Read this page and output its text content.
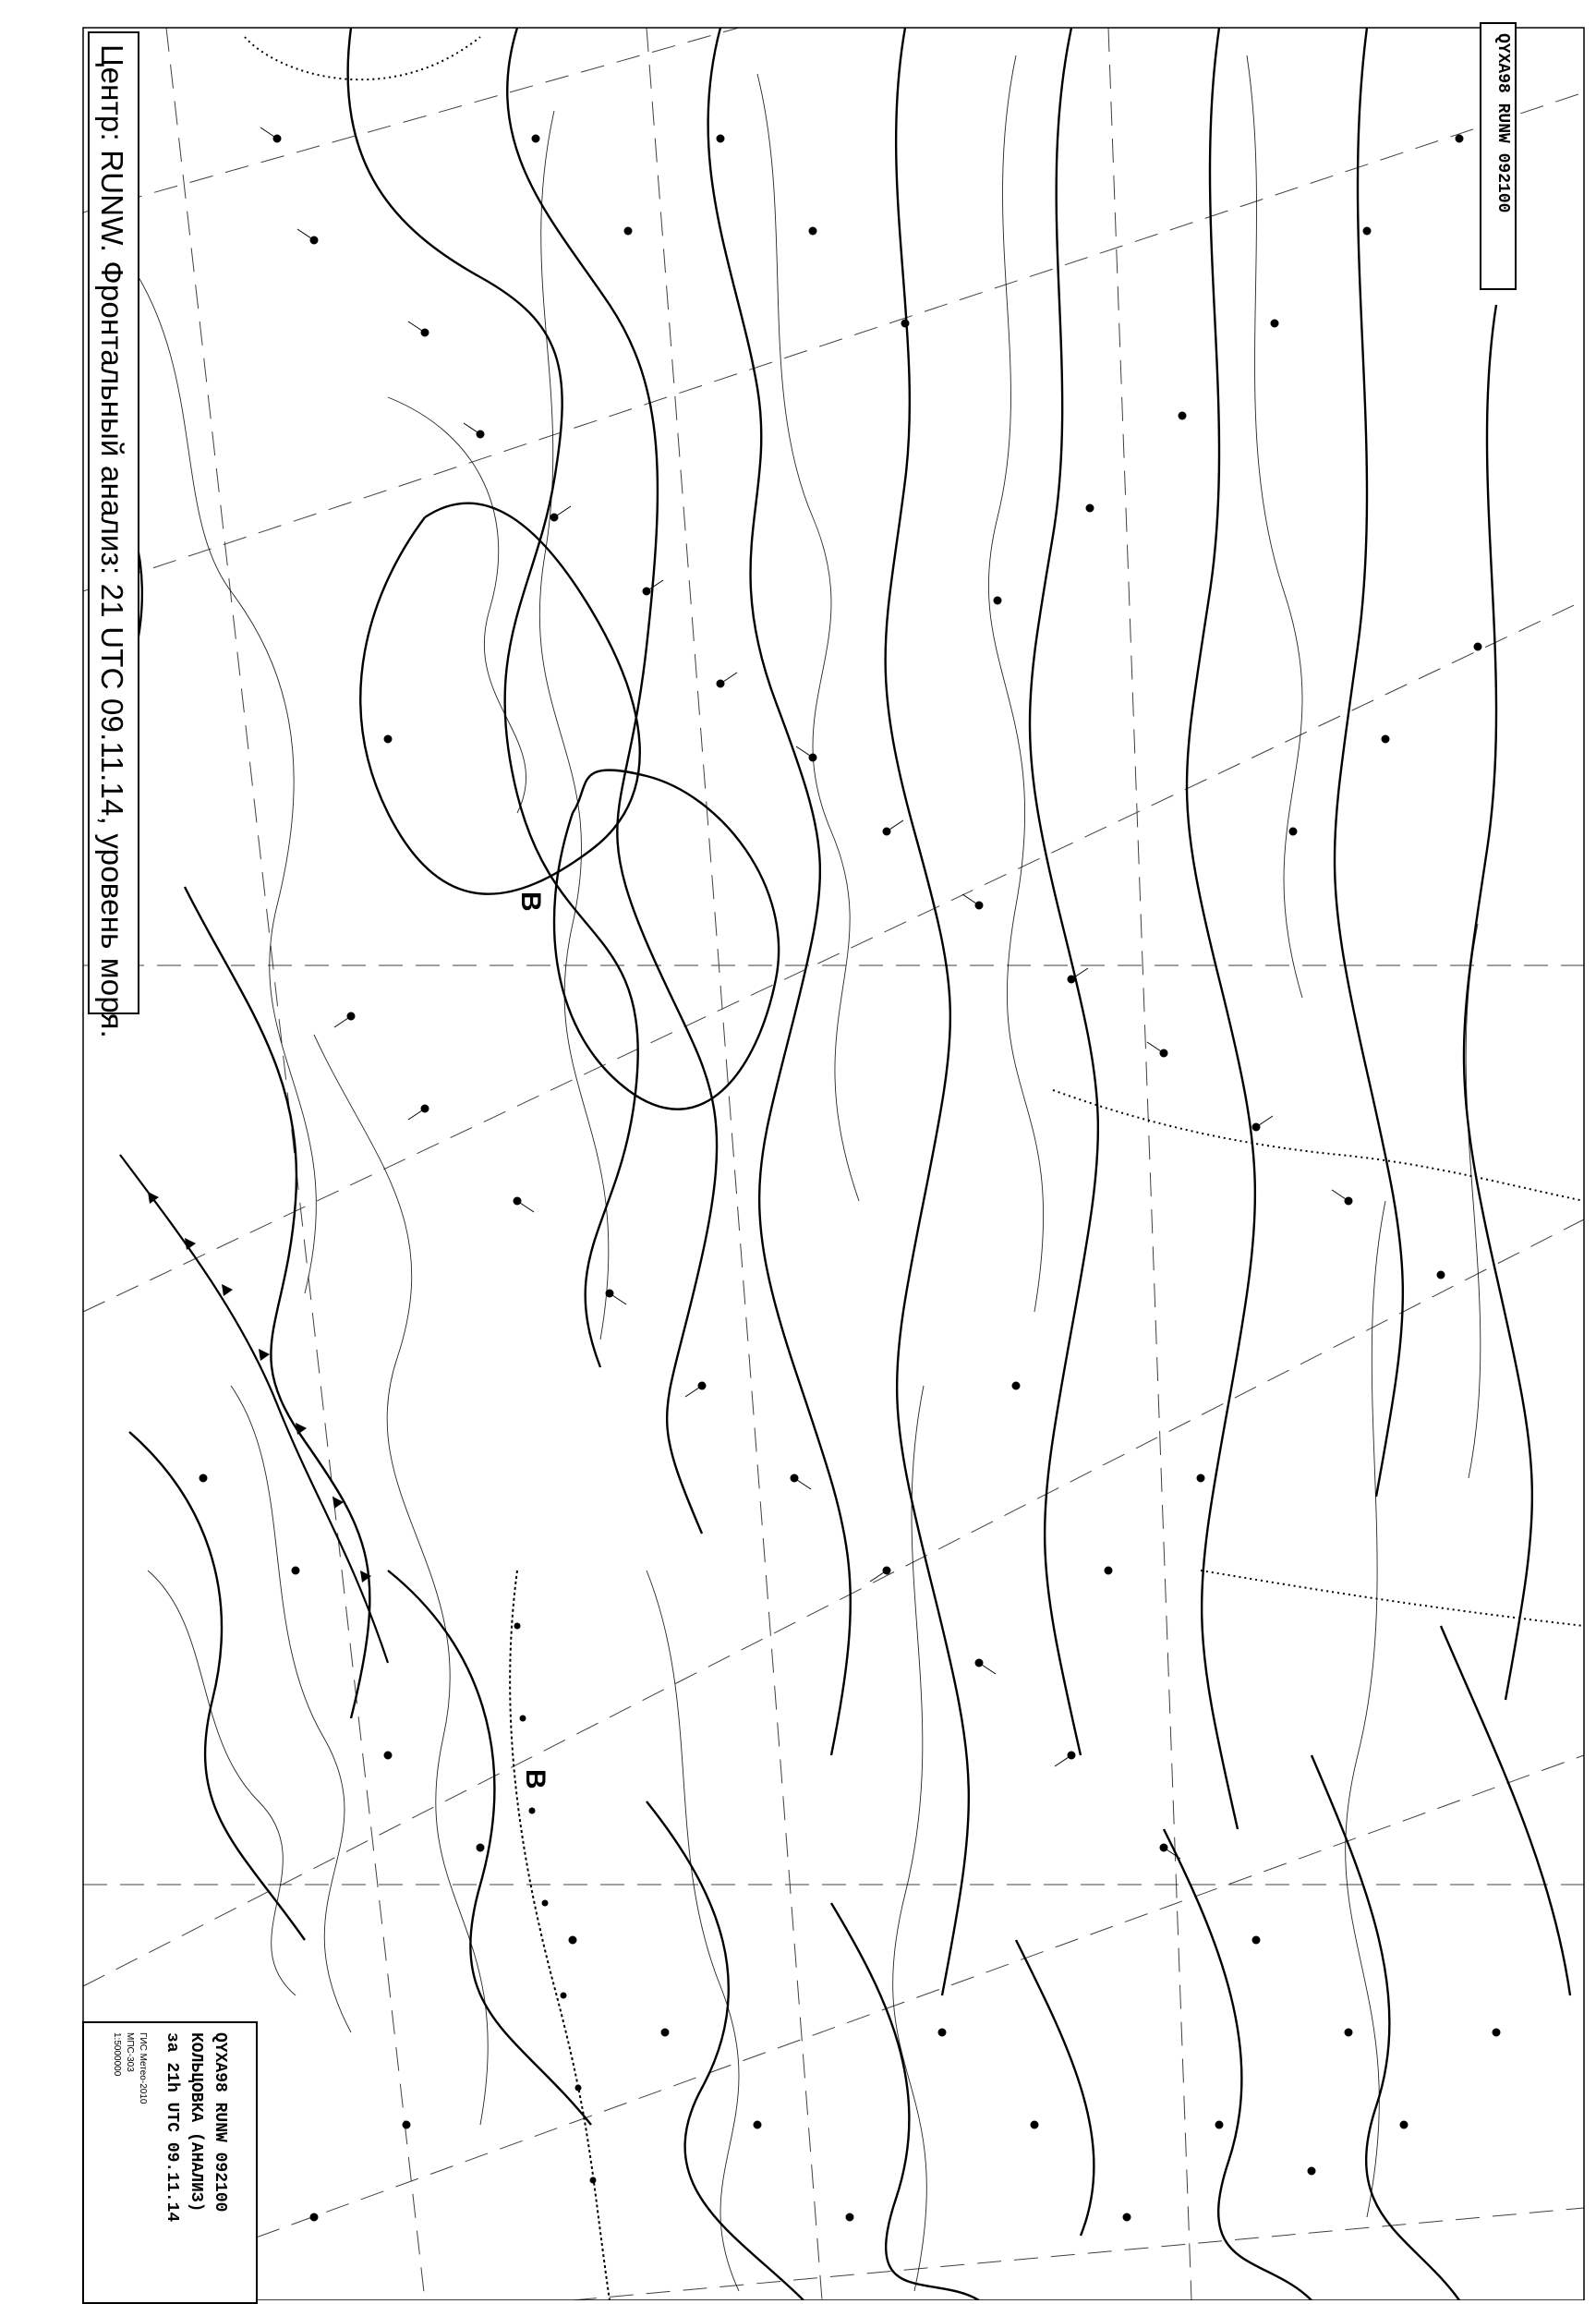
В
В
Центр: RUNW. Фронтальный анализ: 21 UTC 09.11.14, уровень моря.	QYXA98 RUNW 092100
QYXA98 RUNW 092100
КОЛЬЦОВКА (АНАЛИЗ)
за 21h UTC 09.11.14
ГИС Метео-2010
МПС-303
1:5000000
